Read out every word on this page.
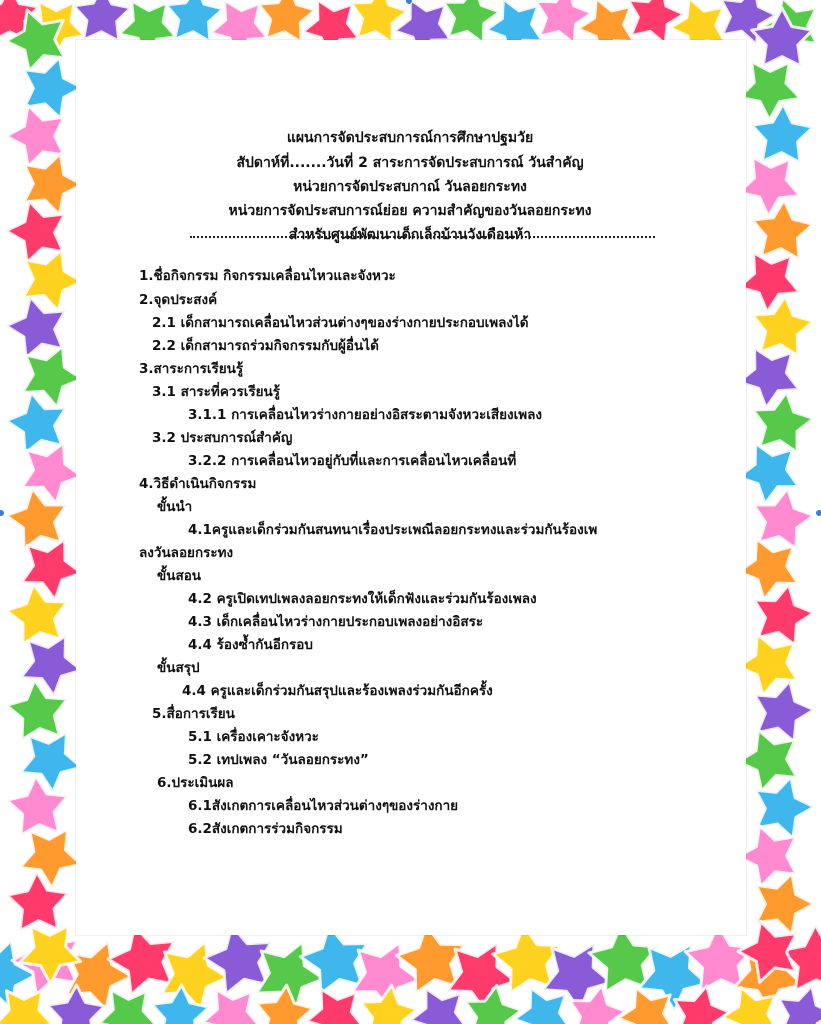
แผนการจัดประสบการณ์การศึกษาปฐมวัย
สัปดาห์ที่.......วันที่ 2 สาระการจัดประสบการณ์ วันสำคัญ
หน่วยการจัดประสบกาณ์ วันลอยกระทง
หน่วยการจัดประสบการณ์ย่อย ความสำคัญของวันลอยกระทง
สำหรับศูนย์พัฒนาเด็กเล็กบ้านวังเดือนห้า
1.ชื่อกิจกรรม กิจกรรมเคลื่อนไหวและจังหวะ
2.จุดประสงค์
2.1 เด็กสามารถเคลื่อนไหวส่วนต่างๆของร่างกายประกอบเพลงได้
2.2 เด็กสามารถร่วมกิจกรรมกับผู้อื่นได้
3.สาระการเรียนรู้
3.1 สาระที่ควรเรียนรู้
3.1.1 การเคลื่อนไหวร่างกายอย่างอิสระตามจังหวะเสียงเพลง
3.2 ประสบการณ์สำคัญ
3.2.2 การเคลื่อนไหวอยู่กับที่และการเคลื่อนไหวเคลื่อนที่
4.วิธีดำเนินกิจกรรม
ขั้นนำ
4.1ครูและเด็กร่วมกันสนทนาเรื่องประเพณีลอยกระทงและร่วมกันร้องเพ
ลงวันลอยกระทง
ขั้นสอน
4.2 ครูเปิดเทปเพลงลอยกระทงให้เด็กฟังและร่วมกันร้องเพลง
4.3 เด็กเคลื่อนไหวร่างกายประกอบเพลงอย่างอิสระ
4.4 ร้องซ้ำกันอีกรอบ
ขั้นสรุป
4.4 ครูและเด็กร่วมกันสรุปและร้องเพลงร่วมกันอีกครั้ง
5.สื่อการเรียน
5.1 เครื่องเคาะจังหวะ
5.2 เทปเพลง “วันลอยกระทง”
6.ประเมินผล
6.1สังเกตการเคลื่อนไหวส่วนต่างๆของร่างกาย
6.2สังเกตการร่วมกิจกรรม
